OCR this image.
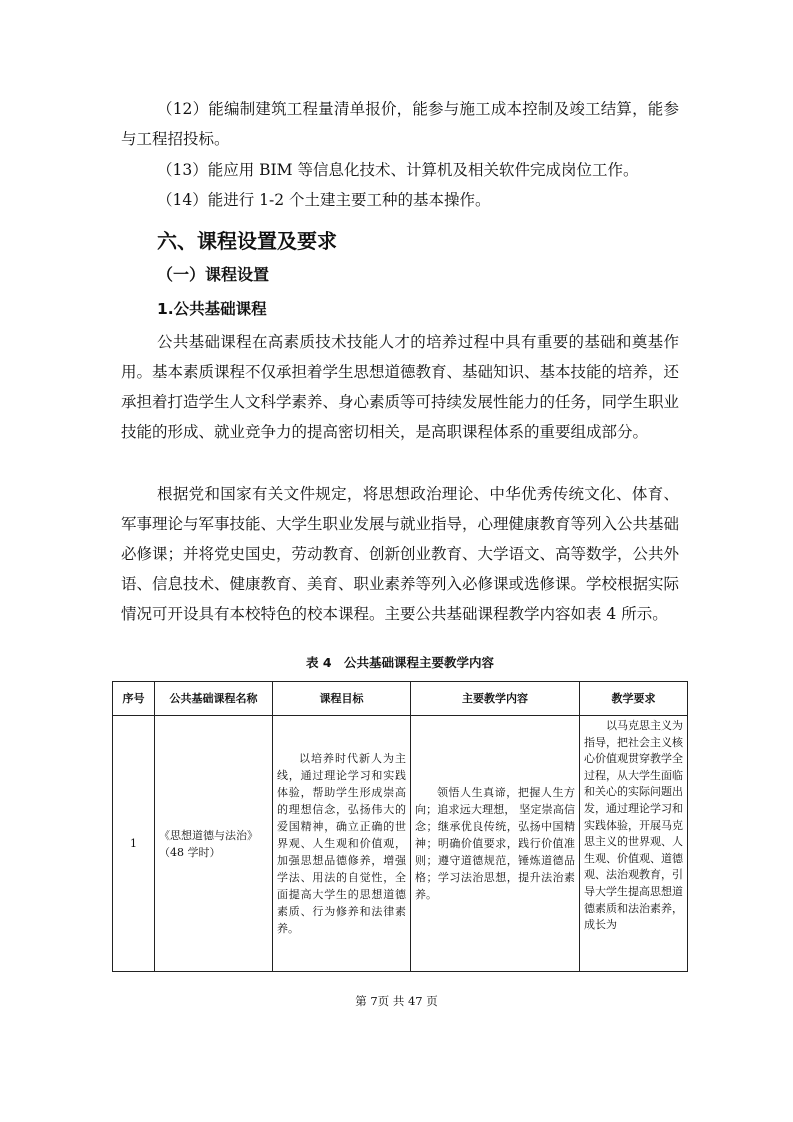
（12）能编制建筑工程量清单报价，能参与施工成本控制及竣工结算，能参与工程招投标。

（13）能应用 BIM 等信息化技术、计算机及相关软件完成岗位工作。

（14）能进行 1-2 个土建主要工种的基本操作。

六、课程设置及要求
（一）课程设置
1.公共基础课程

公共基础课程在高素质技术技能人才的培养过程中具有重要的基础和奠基作用。基本素质课程不仅承担着学生思想道德教育、基础知识、基本技能的培养，还承担着打造学生人文科学素养、身心素质等可持续发展性能力的任务，同学生职业技能的形成、就业竞争力的提高密切相关，是高职课程体系的重要组成部分。

根据党和国家有关文件规定，将思想政治理论、中华优秀传统文化、体育、军事理论与军事技能、大学生职业发展与就业指导，心理健康教育等列入公共基础必修课；并将党史国史，劳动教育、创新创业教育、大学语文、高等数学，公共外语、信息技术、健康教育、美育、职业素养等列入必修课或选修课。学校根据实际情况可开设具有本校特色的校本课程。主要公共基础课程教学内容如表 4 所示。

表 4　公共基础课程主要教学内容

序号	公共基础课程名称	课程目标	主要教学内容	教学要求
1	《思想道德与法治》（48 学时）	以培养时代新人为主线，通过理论学习和实践体验，帮助学生形成崇高的理想信念，弘扬伟大的爱国精神，确立正确的世界观、人生观和价值观，加强思想品德修养，增强学法、用法的自觉性，全面提高大学生的思想道德素质、行为修养和法律素养。	领悟人生真谛，把握人生方向；追求远大理想， 坚定崇高信念；继承优良传统，弘扬中国精神；明确价值要求，践行价值准则；遵守道德规范，锤炼道德品格；学习法治思想，提升法治素养。	以马克思主义为指导，把社会主义核心价值观贯穿教学全过程，从大学生面临和关心的实际问题出发，通过理论学习和实践体验，开展马克思主义的世界观、人生观、价值观、道德观、法治观教育，引导大学生提高思想道德素质和法治素养，成长为

第 7页 共 47 页
